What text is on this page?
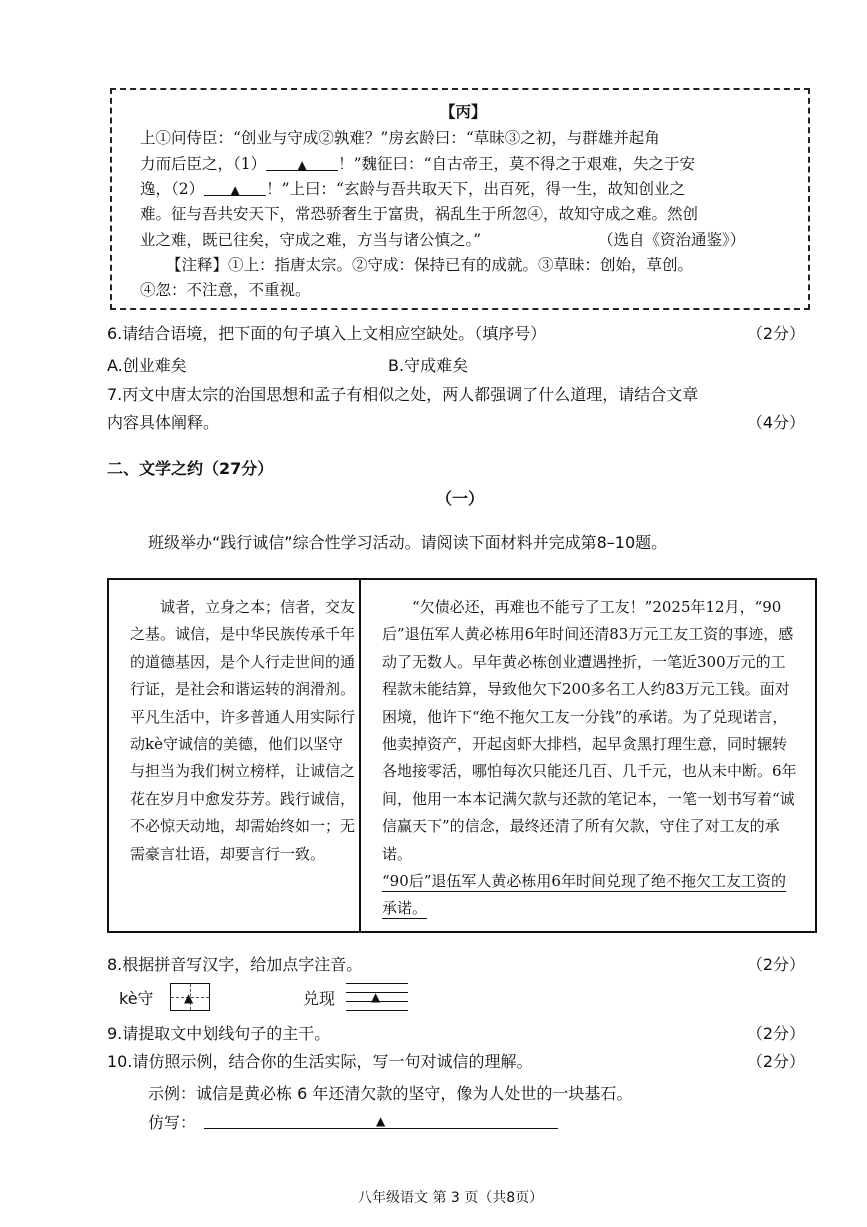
【丙】
上①问侍臣：“创业与守成②孰难？”房玄龄曰：“草昧③之初，与群雄并起角
力而后臣之，（1）	▲ ！”魏征曰：“自古帝王，莫不得之于艰难，失之于安
逸，（2） ▲ ！”上曰：“玄龄与吾共取天下，出百死，得一生，故知创业之
难。征与吾共安天下，常恐骄奢生于富贵，祸乱生于所忽④，故知守成之难。然创
业之难，既已往矣，守成之难，方当与诸公慎之。”	（选自《资治通鉴》）
【注释】①上：指唐太宗。②守成：保持已有的成就。③草昧：创始，草创。
④忽：不注意，不重视。
6.请结合语境，把下面的句子填入上文相应空缺处。（填序号）	（2分）
A.创业难矣	B.守成难矣
7.丙文中唐太宗的治国思想和孟子有相似之处，两人都强调了什么道理，请结合文章
内容具体阐释。	（4分）
二、文学之约（27分）
（一）
班级举办“践行诚信”综合性学习活动。请阅读下面材料并完成第8–10题。

诚者，立身之本；信者，交友之基。诚信，是中华民族传承千年的道德基因，是个人行走世间的通行证，是社会和谐运转的润滑剂。平凡生活中，许多普通人用实际行动kè守诚信的美德，他们以坚守与担当为我们树立榜样，让诚信之花在岁月中愈发芬芳。践行诚信，不必惊天动地，却需始终如一；无需豪言壮语，却要言行一致。

“欠债必还，再难也不能亏了工友！”2025年12月，“90后”退伍军人黄必栋用6年时间还清83万元工友工资的事迹，感动了无数人。早年黄必栋创业遭遇挫折，一笔近300万元的工程款未能结算，导致他欠下200多名工人约83万元工钱。面对困境，他许下“绝不拖欠工友一分钱”的承诺。为了兑现诺言，他卖掉资产，开起卤虾大排档，起早贪黑打理生意，同时辗转各地接零活，哪怕每次只能还几百、几千元，也从未中断。6年间，他用一本本记满欠款与还款的笔记本，一笔一划书写着“诚信赢天下”的信念，最终还清了所有欠款，守住了对工友的承诺。

“90后”退伍军人黄必栋用6年时间兑现了绝不拖欠工友工资的承诺。

8.根据拼音写汉字，给加点字注音。	（2分）
kè守	▲	兑现	▲
9.请提取文中划线句子的主干。	（2分）
10.请仿照示例，结合你的生活实际，写一句对诚信的理解。	（2分）
示例：诚信是黄必栋 6 年还清欠款的坚守，像为人处世的一块基石。
仿写：	▲
八年级语文 第 3 页（共8页）
